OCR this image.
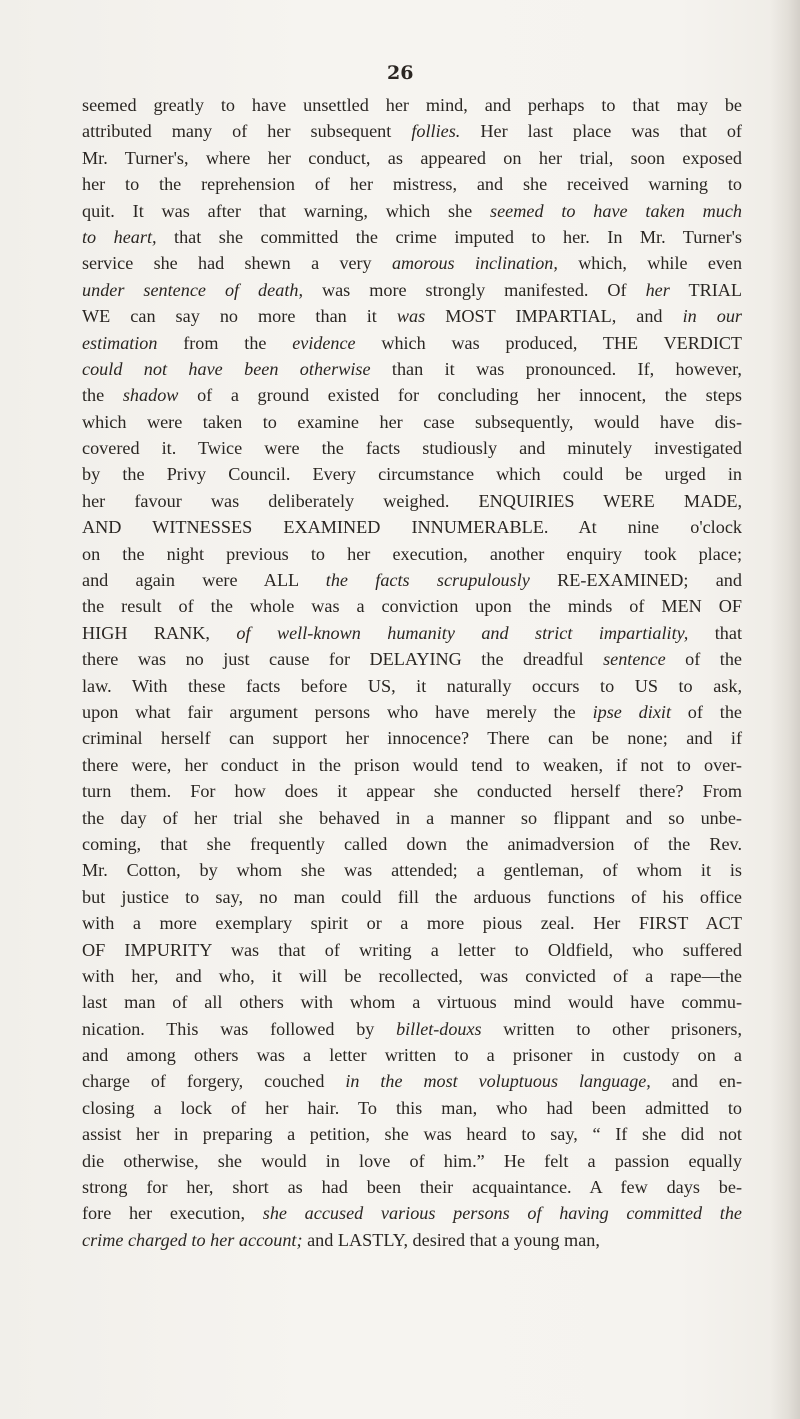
26
seemed greatly to have unsettled her mind, and perhaps to that may be
attributed many of her subsequent follies. Her last place was that of
Mr. Turner's, where her conduct, as appeared on her trial, soon exposed
her to the reprehension of her mistress, and she received warning to
quit. It was after that warning, which she seemed to have taken much
to heart, that she committed the crime imputed to her. In Mr. Turner's
service she had shewn a very amorous inclination, which, while even
under sentence of death, was more strongly manifested. Of her TRIAL
WE can say no more than it was MOST IMPARTIAL, and in our
estimation from the evidence which was produced, THE VERDICT
could not have been otherwise than it was pronounced. If, however,
the shadow of a ground existed for concluding her innocent, the steps
which were taken to examine her case subsequently, would have dis-
covered it. Twice were the facts studiously and minutely investigated
by the Privy Council. Every circumstance which could be urged in
her favour was deliberately weighed. ENQUIRIES WERE MADE,
AND WITNESSES EXAMINED INNUMERABLE. At nine o'clock
on the night previous to her execution, another enquiry took place;
and again were ALL the facts scrupulously RE-EXAMINED; and
the result of the whole was a conviction upon the minds of MEN OF
HIGH RANK, of well-known humanity and strict impartiality, that
there was no just cause for DELAYING the dreadful sentence of the
law. With these facts before US, it naturally occurs to US to ask,
upon what fair argument persons who have merely the ipse dixit of the
criminal herself can support her innocence? There can be none; and if
there were, her conduct in the prison would tend to weaken, if not to over-
turn them. For how does it appear she conducted herself there? From
the day of her trial she behaved in a manner so flippant and so unbe-
coming, that she frequently called down the animadversion of the Rev.
Mr. Cotton, by whom she was attended; a gentleman, of whom it is
but justice to say, no man could fill the arduous functions of his office
with a more exemplary spirit or a more pious zeal. Her FIRST ACT
OF IMPURITY was that of writing a letter to Oldfield, who suffered
with her, and who, it will be recollected, was convicted of a rape—the
last man of all others with whom a virtuous mind would have commu-
nication. This was followed by billet-douxs written to other prisoners,
and among others was a letter written to a prisoner in custody on a
charge of forgery, couched in the most voluptuous language, and en-
closing a lock of her hair. To this man, who had been admitted to
assist her in preparing a petition, she was heard to say, “ If she did not
die otherwise, she would in love of him.” He felt a passion equally
strong for her, short as had been their acquaintance. A few days be-
fore her execution, she accused various persons of having committed the
crime charged to her account; and LASTLY, desired that a young man,
